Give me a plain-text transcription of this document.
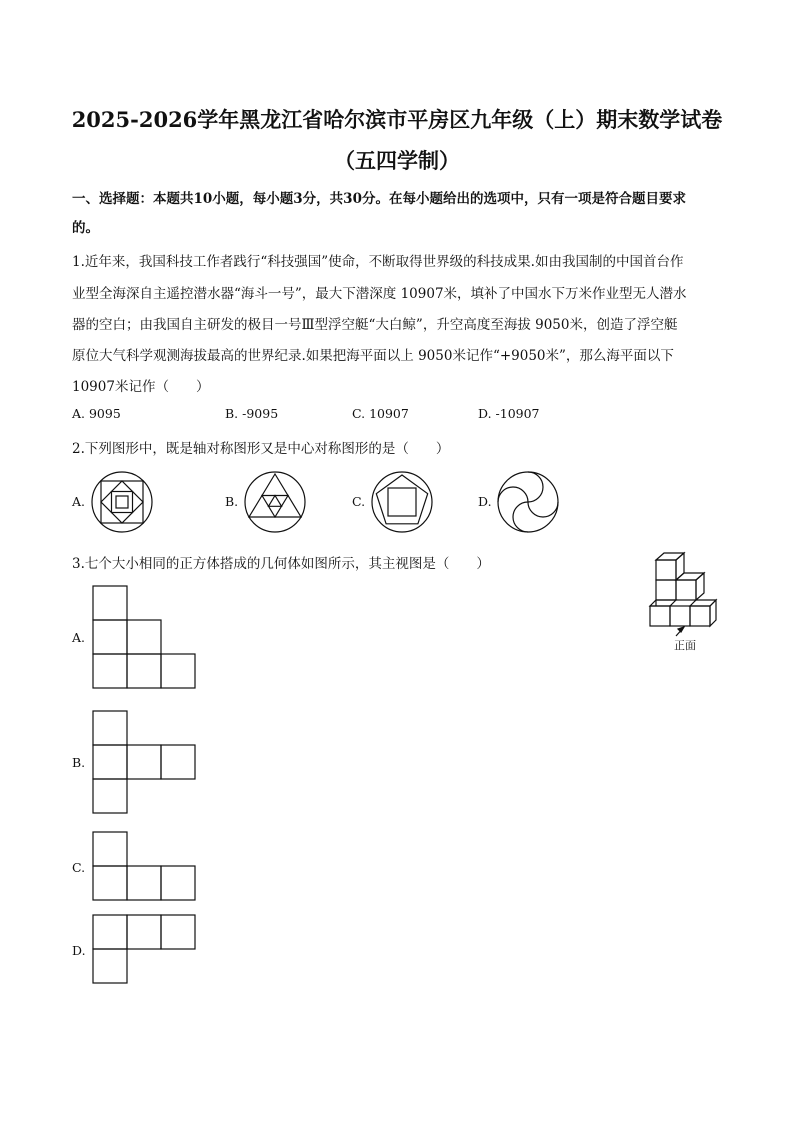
2025-2026学年黑龙江省哈尔滨市平房区九年级（上）期末数学试卷
（五四学制）
一、选择题：本题共10小题，每小题3分，共30分。在每小题给出的选项中，只有一项是符合题目要求
的。
1.近年来，我国科技工作者践行“科技强国”使命，不断取得世界级的科技成果.如由我国制的中国首台作
业型全海深自主遥控潜水器“海斗一号”，最大下潜深度 10907米，填补了中国水下万米作业型无人潜水
器的空白；由我国自主研发的极目一号Ⅲ型浮空艇“大白鲸”，升空高度至海拔 9050米，创造了浮空艇
原位大气科学观测海拔最高的世界纪录.如果把海平面以上 9050米记作“+9050米”，那么海平面以下
10907米记作（　　）
A. 9095	B. -9095	C. 10907	D. -10907
2.下列图形中，既是轴对称图形又是中心对称图形的是（　　）
A.	B.	C.	D.
3.七个大小相同的正方体搭成的几何体如图所示，其主视图是（　　）
正面
A.
B.
C.
D.
